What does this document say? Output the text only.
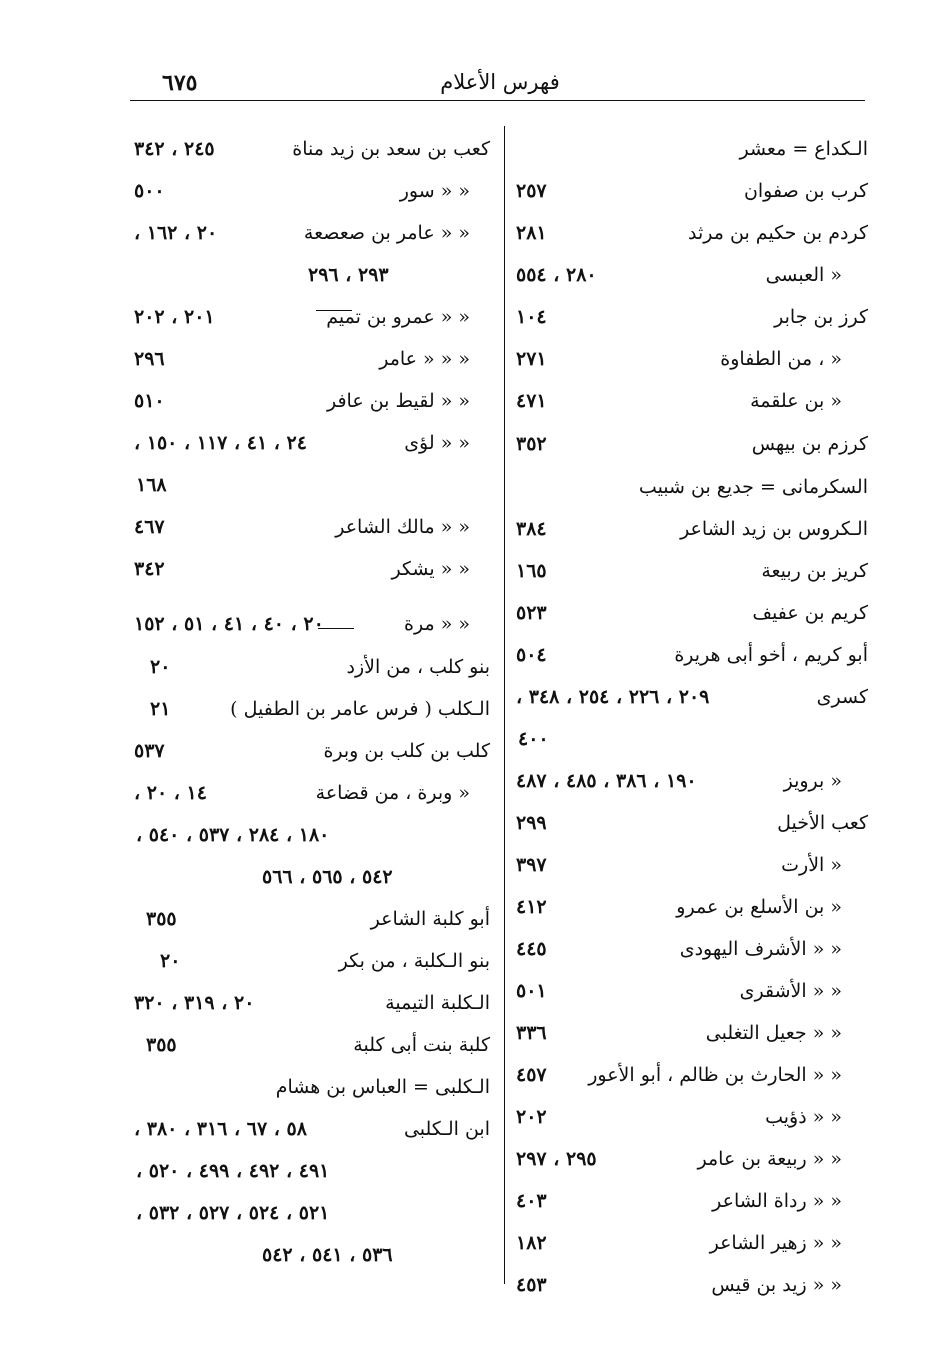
فهرس الأعلام
٦٧٥
الـكداع = معشر
كرب بن صفوان
٢٥٧
كردم بن حكيم بن مرثد
٢٨١
« العبسى
٢٨٠ ، ٥٥٤
كرز بن جابر
١٠٤
« ، من الطفاوة
٢٧١
« بن علقمة
٤٧١
كرزم بن بيهس
٣٥٢
السكرمانى = جديع بن شبيب
الـكروس بن زيد الشاعر
٣٨٤
كريز بن ربيعة
١٦٥
كريم بن عفيف
٥٢٣
أبو كريم ، أخو أبى هريرة
٥٠٤
كسرى
٢٠٩ ، ٢٢٦ ، ٢٥٤ ، ٣٤٨ ،
٤٠٠
« برويز
١٩٠ ، ٣٨٦ ، ٤٨٥ ، ٤٨٧
كعب الأخيل
٢٩٩
« الأرت
٣٩٧
« بن الأسلع بن عمرو
٤١٢
« « الأشرف اليهودى
٤٤٥
« « الأشقرى
٥٠١
« « جعيل التغلبى
٣٣٦
« « الحارث بن ظالم ، أبو الأعور
٤٥٧
« « ذؤيب
٢٠٢
« « ربيعة بن عامر
٢٩٥ ، ٢٩٧
« « رداة الشاعر
٤٠٣
« « زهير الشاعر
١٨٢
« « زيد بن قيس
٤٥٣
كعب بن سعد بن زيد مناة
٢٤٥ ، ٣٤٢
« « سور
٥٠٠
« « عامر بن صعصعة
٢٠ ، ١٦٢ ،
٢٩٣ ، ٢٩٦
« « عمرو بن تميم
٢٠١ ، ٢٠٢
« « « عامر
٢٩٦
« « لقيط بن عافر
٥١٠
« « لؤى
٢٤ ، ٤١ ، ١١٧ ، ١٥٠ ،
١٦٨
« « مالك الشاعر
٤٦٧
« « يشكر
٣٤٢
« « مرة
٢٠ ، ٤٠ ، ٤١ ، ٥١ ، ١٥٢
بنو كلب ، من الأزد
٢٠
الـكلب ( فرس عامر بن الطفيل )
٢١
كلب بن كلب بن وبرة
٥٣٧
« وبرة ، من قضاعة
١٤ ، ٢٠ ،
١٨٠ ، ٢٨٤ ، ٥٣٧ ، ٥٤٠ ،
٥٤٢ ، ٥٦٥ ، ٥٦٦
أبو كلبة الشاعر
٣٥٥
بنو الـكلبة ، من بكر
٢٠
الـكلبة التيمية
٢٠ ، ٣١٩ ، ٣٢٠
كلبة بنت أبى كلبة
٣٥٥
الـكلبى = العباس بن هشام
ابن الـكلبى
٥٨ ، ٦٧ ، ٣١٦ ، ٣٨٠ ،
٤٩١ ، ٤٩٢ ، ٤٩٩ ، ٥٢٠ ،
٥٢١ ، ٥٢٤ ، ٥٢٧ ، ٥٣٢ ،
٥٣٦ ، ٥٤١ ، ٥٤٢
